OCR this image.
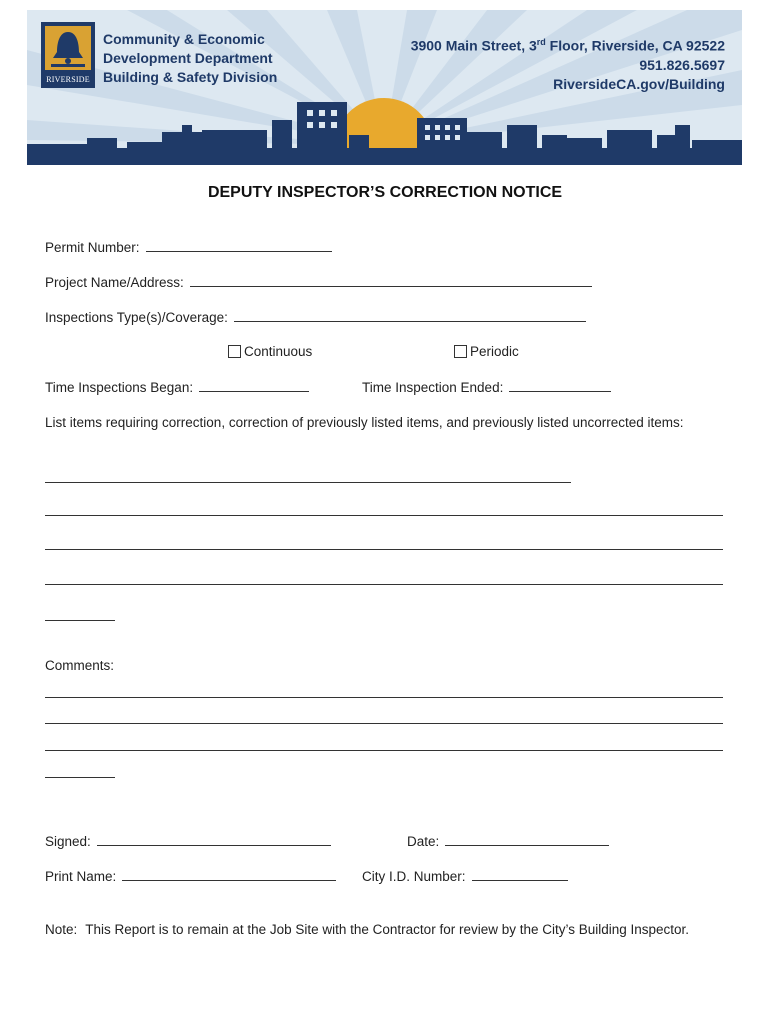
RIVERSIDE
Community & Economic
Development Department
Building & Safety Division
3900 Main Street, 3rd Floor, Riverside, CA 92522
951.826.5697
RiversideCA.gov/Building
DEPUTY INSPECTOR’S CORRECTION NOTICE
Permit Number:
Project Name/Address:
Inspections Type(s)/Coverage:
Continuous	Periodic
Time Inspections Began:	Time Inspection Ended:
List items requiring correction, correction of previously listed items, and previously listed uncorrected items:
Comments:
Signed:	Date:
Print Name:	City I.D. Number:
Note: This Report is to remain at the Job Site with the Contractor for review by the City’s Building Inspector.
